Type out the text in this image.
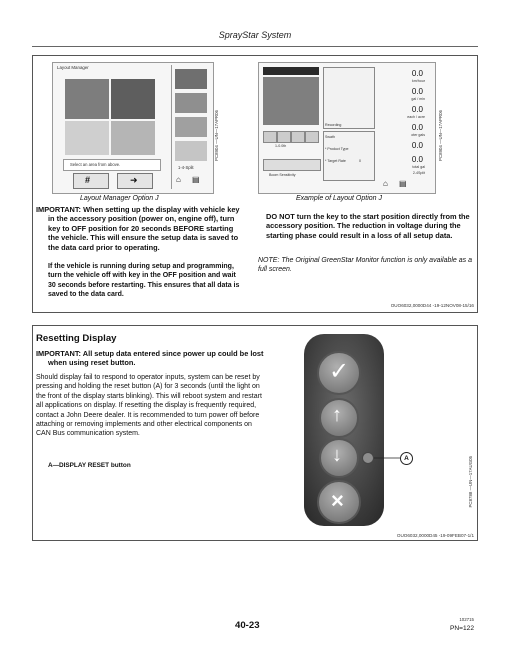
SprayStar System
Layout Manager
Select an area from above.
#	➜
1-4-Split
⌂ ▤
PC8904 —UN—17APR06
Layout Manager Option J
1-0.0th
Boom Sensitivity
Recording
Swath
* Product Type
* Target Rate	0
0.0
km/hour
0.0
gal / min
0.0
each / acre
0.0
oter gals
0.0
0.0
total gal
2-4Split
⌂ ▤
PC8904 —UN—17APR06
Example of Layout Option J
IMPORTANT: When setting up the display with vehicle key in the accessory position (power on, engine off), turn key to OFF position for 20 seconds BEFORE starting the vehicle. This will ensure the setup data is saved to the data card prior to operating.
If the vehicle is running during setup and programming, turn the vehicle off with key in the OFF position and wait 30 seconds before restarting. This ensures that all data is saved to the data card.
DO NOT turn the key to the start position directly from the accessory position. The reduction in voltage during the starting phase could result in a loss of all setup data.
NOTE: The Original GreenStar Monitor function is only available as a full screen.
OUO6032,0000D44 -19-12NOV08-15/16
Resetting Display
IMPORTANT: All setup data entered since power up could be lost when using reset button.
Should display fail to respond to operator inputs, system can be reset by pressing and holding the reset button (A) for 3 seconds (until the light on the front of the display starts blinking). This will reboot system and restart all applications on display. If resetting the display is frequently required, contact a John Deere dealer. It is recommended to turn power off before attaching or removing implements and other electrical components on CAN Bus communication system.
A—DISPLAY RESET button
✓
↑
↓
×
A	PC8788 —UN—17AUG05
OUO6032,0000D45 -19-09FEB07-1/1
40-23
102715
PN=122
